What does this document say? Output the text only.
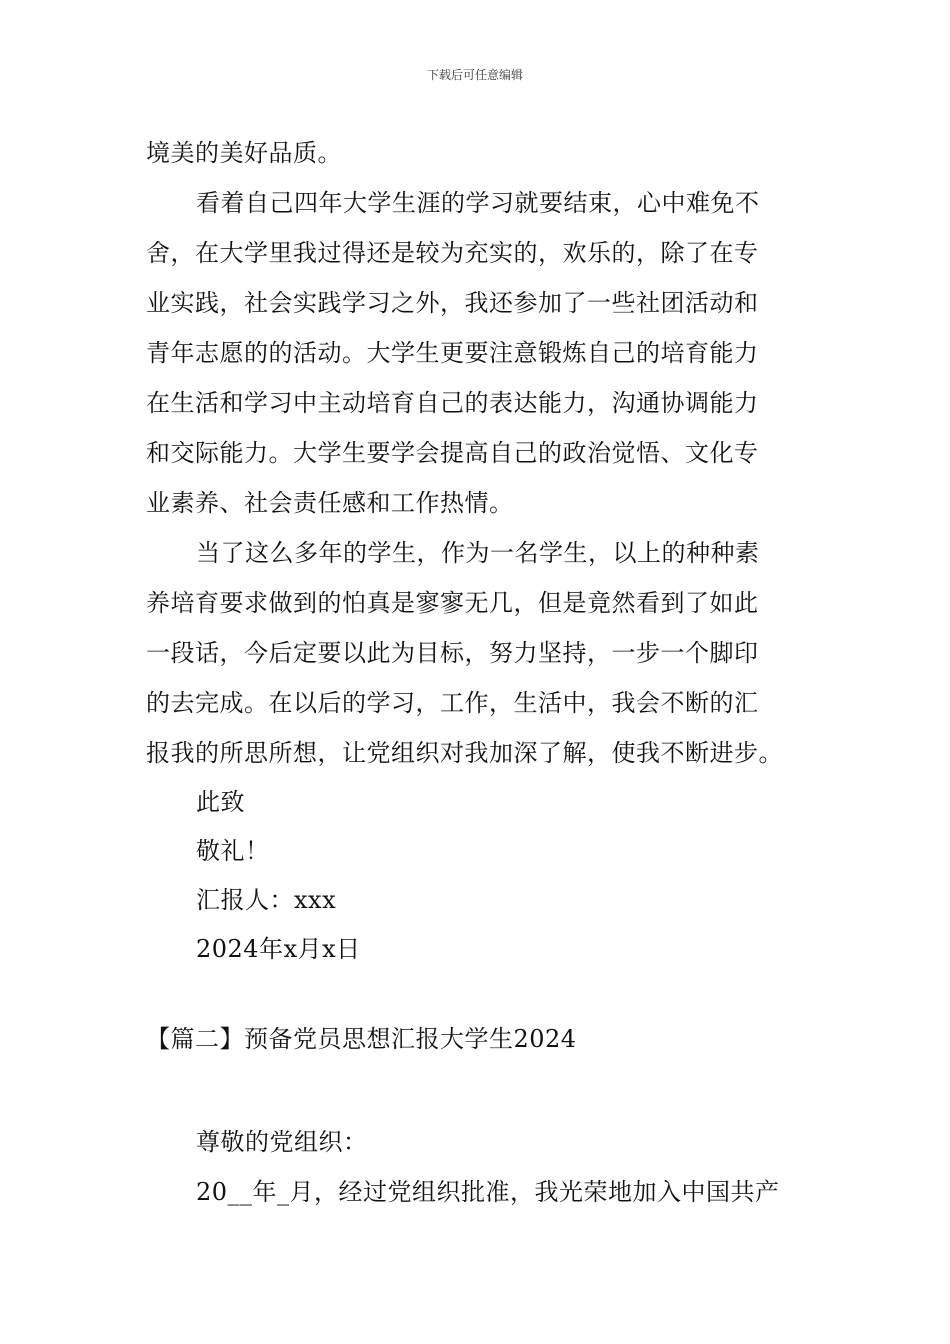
下载后可任意编辑
境美的美好品质。
看着自己四年大学生涯的学习就要结束，心中难免不
舍，在大学里我过得还是较为充实的，欢乐的，除了在专
业实践，社会实践学习之外，我还参加了一些社团活动和
青年志愿的的活动。大学生更要注意锻炼自己的培育能力
在生活和学习中主动培育自己的表达能力，沟通协调能力
和交际能力。大学生要学会提高自己的政治觉悟、文化专
业素养、社会责任感和工作热情。
当了这么多年的学生，作为一名学生，以上的种种素
养培育要求做到的怕真是寥寥无几，但是竟然看到了如此
一段话，今后定要以此为目标，努力坚持，一步一个脚印
的去完成。在以后的学习，工作，生活中，我会不断的汇
报我的所思所想，让党组织对我加深了解，使我不断进步。
此致
敬礼！
汇报人：xxx
2024年x月x日
【篇二】预备党员思想汇报大学生2024
尊敬的党组织：
20__年_月，经过党组织批准，我光荣地加入中国共产
